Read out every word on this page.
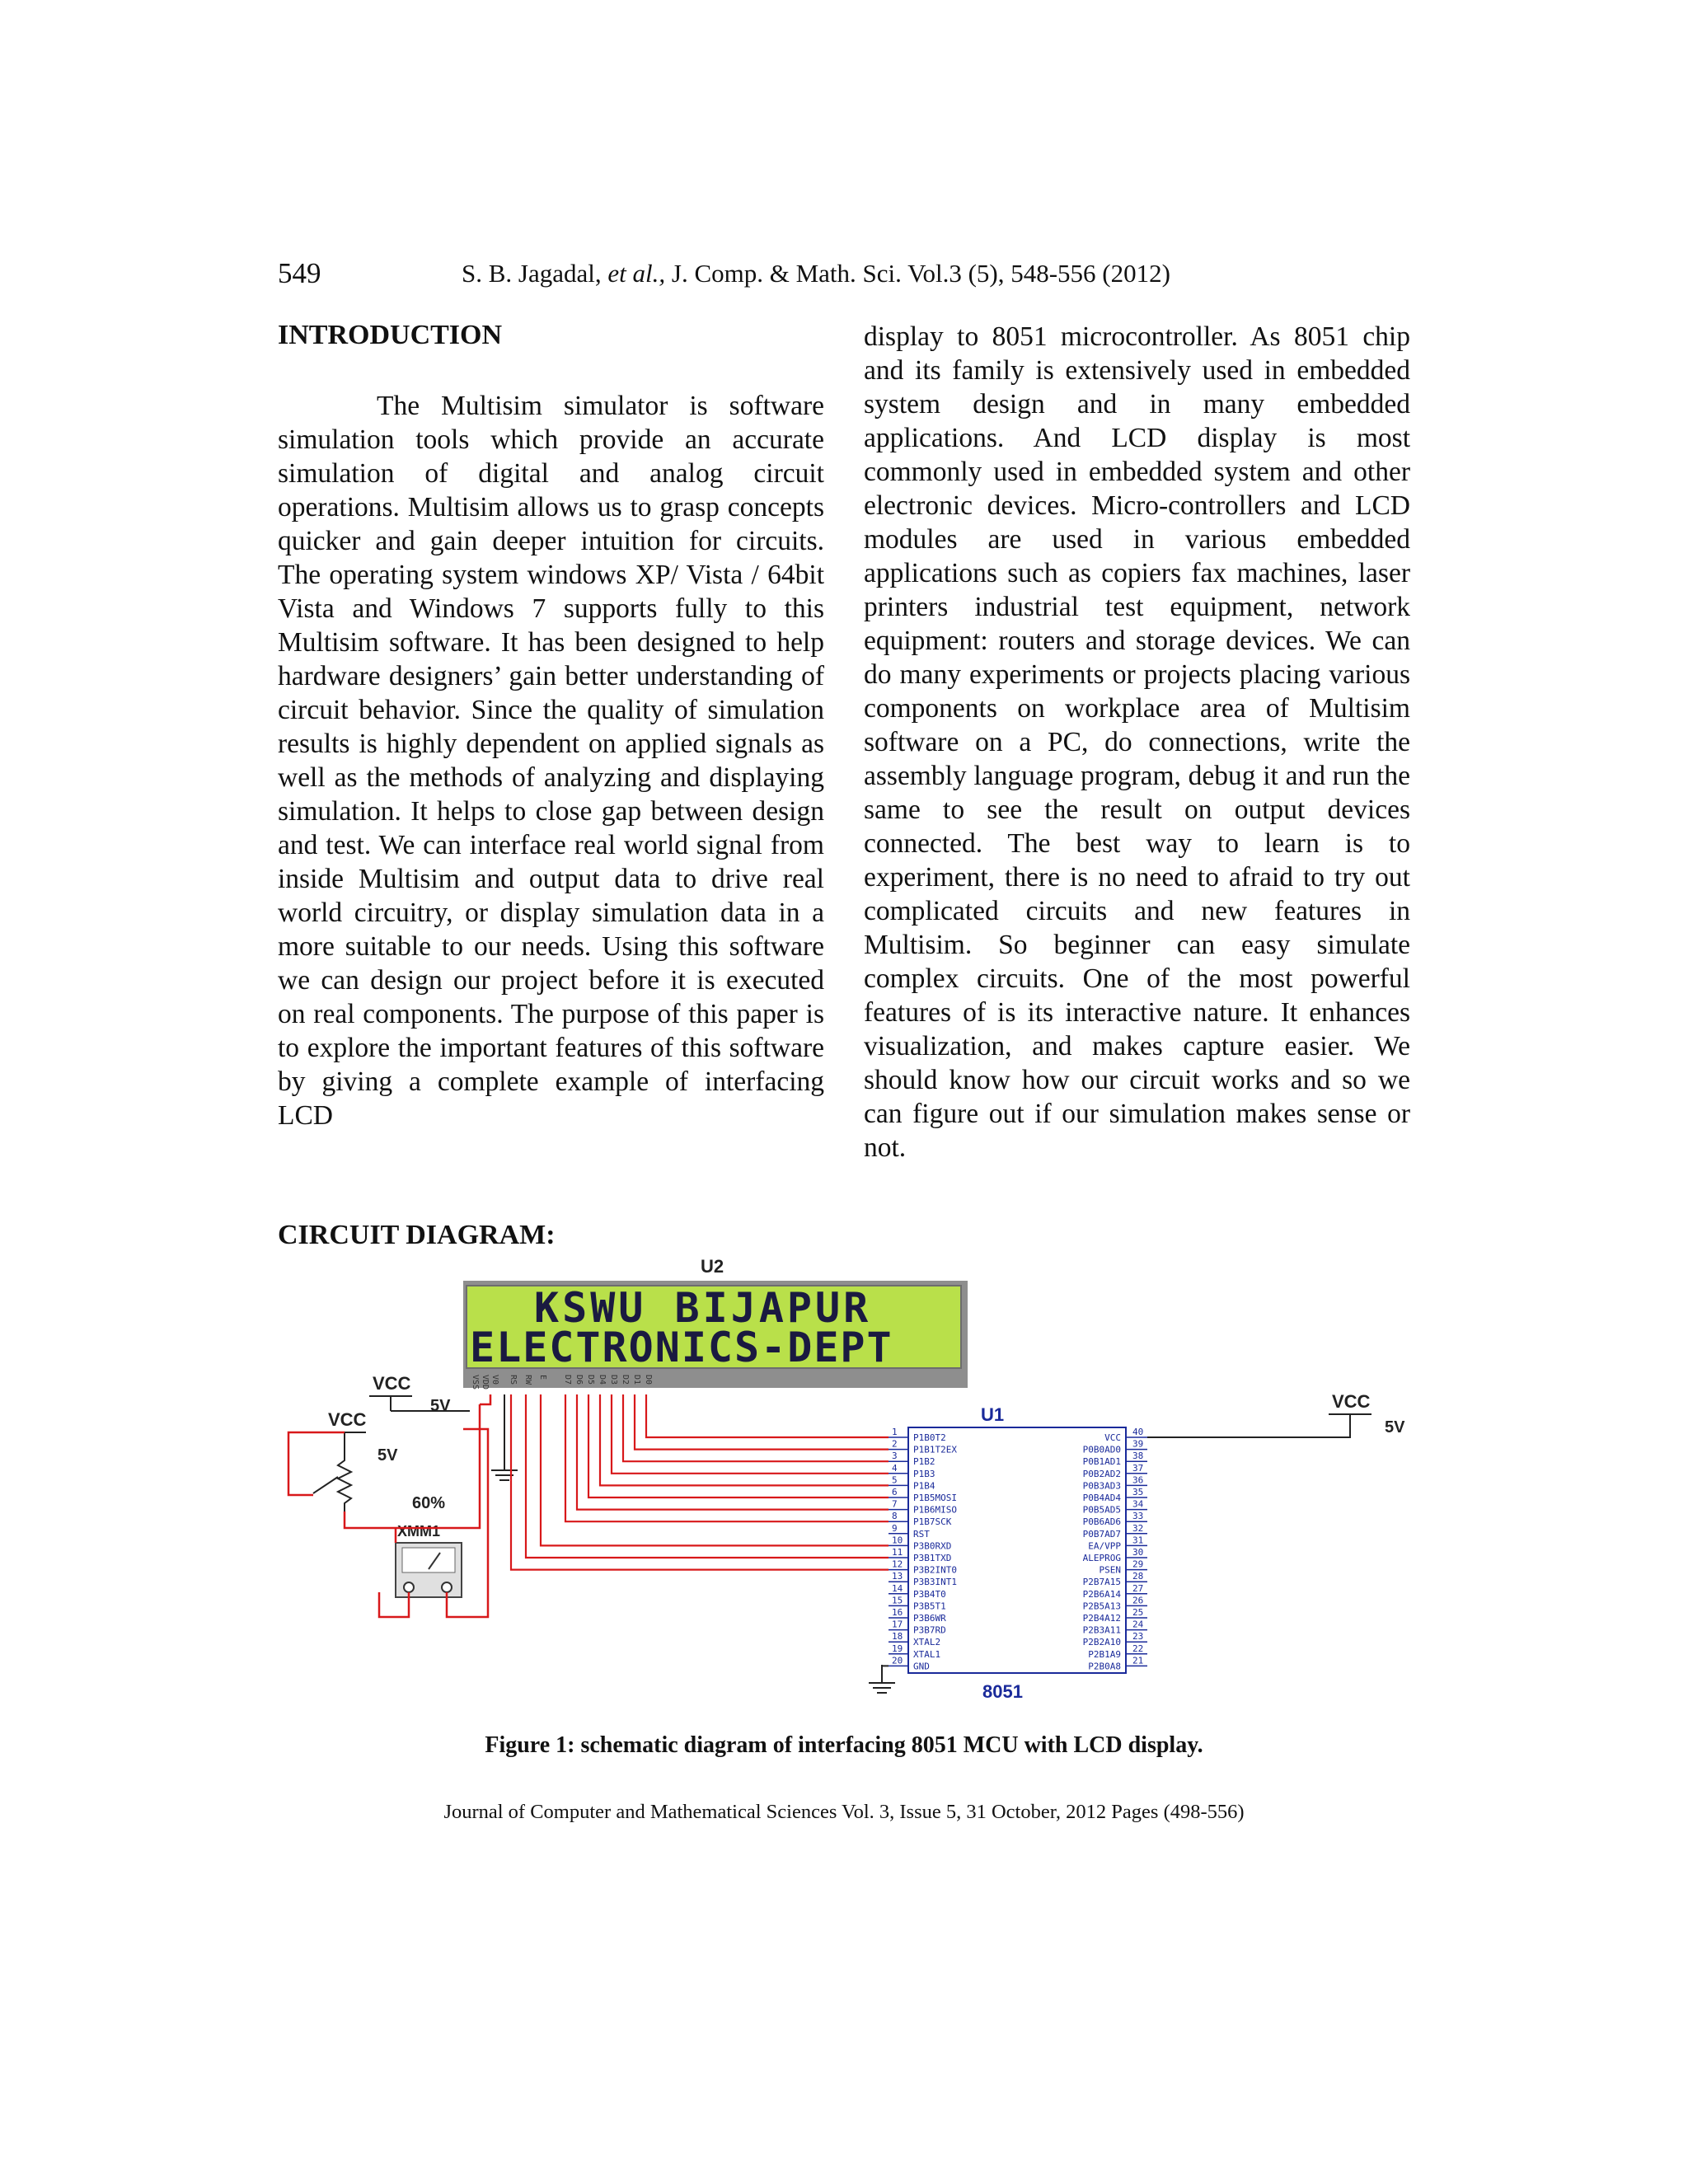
549	S. B. Jagadal, et al., J. Comp. & Math. Sci. Vol.3 (5), 548-556 (2012)
INTRODUCTION

The Multisim simulator is software simulation tools which provide an accurate simulation of digital and analog circuit operations. Multisim allows us to grasp concepts quicker and gain deeper intuition for circuits. The operating system windows XP/ Vista / 64bit Vista and Windows 7 supports fully to this Multisim software. It has been designed to help hardware designers’ gain better understanding of circuit behavior. Since the quality of simulation results is highly dependent on applied signals as well as the methods of analyzing and displaying simulation. It helps to close gap between design and test. We can interface real world signal from inside Multisim and output data to drive real world circuitry, or display simulation data in a more suitable to our needs. Using this software we can design our project before it is executed on real components. The purpose of this paper is to explore the important features of this software by giving a complete example of interfacing LCD

display to 8051 microcontroller. As 8051 chip and its family is extensively used in embedded system design and in many embedded applications. And LCD display is most commonly used in embedded system and other electronic devices. Micro-controllers and LCD modules are used in various embedded applications such as copiers fax machines, laser printers industrial test equipment, network equipment: routers and storage devices. We can do many experiments or projects placing various components on workplace area of Multisim software on a PC, do connections, write the assembly language program, debug it and run the same to see the result on output devices connected. The best way to learn is to experiment, there is no need to afraid to try out complicated circuits and new features in Multisim. So beginner can easy simulate complex circuits. One of the most powerful features of is its interactive nature. It enhances visualization, and makes capture easier. We should know how our circuit works and so we can figure out if our simulation makes sense or not.

CIRCUIT DIAGRAM:
U2
KSWU BIJAPUR
ELECTRONICS-DEPT
VSS VDD V0 RS RW E D7 D6 D5 D4 D3 D2 D1 D0
VCC
5V
VCC
5V
60%
XMM1
U1
1
P1B0T2
2
P1B1T2EX
3
P1B2
4
P1B3
5
P1B4
6
P1B5MOSI
7
P1B6MISO
8
P1B7SCK
9
RST
10
P3B0RXD
11
P3B1TXD
12
P3B2INT0
13
P3B3INT1
14
P3B4T0
15
P3B5T1
16
P3B6WR
17
P3B7RD
18
XTAL2
19
XTAL1
20
GND
40
VCC
39
P0B0AD0
38
P0B1AD1
37
P0B2AD2
36
P0B3AD3
35
P0B4AD4
34
P0B5AD5
33
P0B6AD6
32
P0B7AD7
31
EA/VPP
30
ALEPROG
29
PSEN
28
P2B7A15
27
P2B6A14
26
P2B5A13
25
P2B4A12
24
P2B3A11
23
P2B2A10
22
P2B1A9
21
P2B0A8
8051
VCC
5V
Figure 1: schematic diagram of interfacing 8051 MCU with LCD display.
Journal of Computer and Mathematical Sciences Vol. 3, Issue 5, 31 October, 2012 Pages (498-556)
